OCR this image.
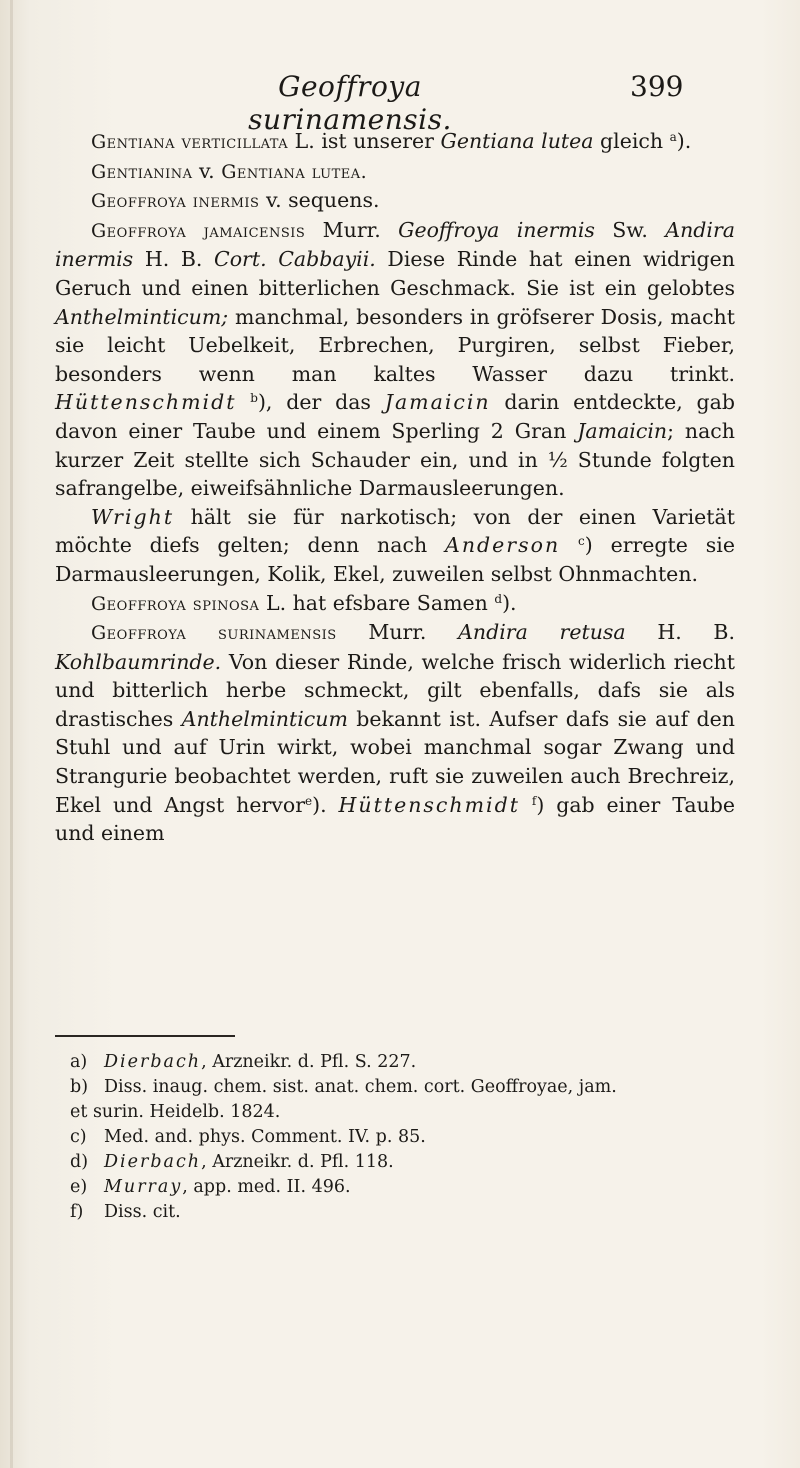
Geoffroya surinamensis.
399

Gentiana verticillata L. ist unserer Gentiana lutea gleich $^a$).

Gentianina v. Gentiana lutea.

Geoffroya inermis v. sequens.

Geoffroya jamaicensis Murr. Geoffroya inermis Sw. Andira inermis H. B. Cort. Cabbayii. Diese Rinde hat einen widrigen Geruch und einen bitterlichen Geschmack. Sie ist ein gelobtes Anthelminticum; manchmal, besonders in gröfserer Dosis, macht sie leicht Uebelkeit, Erbrechen, Purgiren, selbst Fieber, besonders wenn man kaltes Wasser dazu trinkt. Hüttenschmidt $^b$), der das Jamaicin darin entdeckte, gab davon einer Taube und einem Sperling 2 Gran Jamaicin; nach kurzer Zeit stellte sich Schauder ein, und in ½ Stunde folgten safrangelbe, eiweifsähnliche Darmausleerungen.

Wright hält sie für narkotisch; von der einen Varietät möchte diefs gelten; denn nach Anderson $^c$) erregte sie Darmausleerungen, Kolik, Ekel, zuweilen selbst Ohnmachten.

Geoffroya spinosa L. hat efsbare Samen $^d$).

Geoffroya surinamensis Murr. Andira retusa H. B. Kohlbaumrinde. Von dieser Rinde, welche frisch widerlich riecht und bitterlich herbe schmeckt, gilt ebenfalls, dafs sie als drastisches Anthelminticum bekannt ist. Aufser dafs sie auf den Stuhl und auf Urin wirkt, wobei manchmal sogar Zwang und Strangurie beobachtet werden, ruft sie zuweilen auch Brechreiz, Ekel und Angst hervor$^e$). Hüttenschmidt $^f$) gab einer Taube und einem

a) Dierbach, Arzneikr. d. Pfl. S. 227.
b) Diss. inaug. chem. sist. anat. chem. cort. Geoffroyae, jam.
et surin. Heidelb. 1824.
c) Med. and. phys. Comment. IV. p. 85.
d) Dierbach, Arzneikr. d. Pfl. 118.
e) Murray, app. med. II. 496.
f)	Diss. cit.
